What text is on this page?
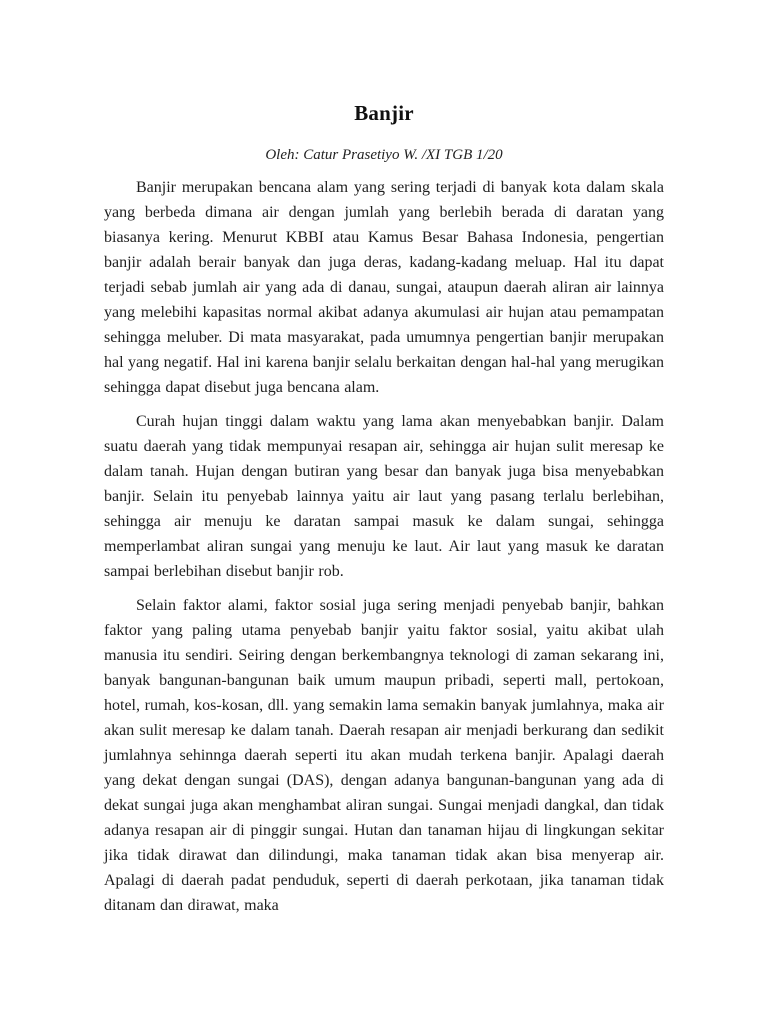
Banjir
Oleh: Catur Prasetiyo W. /XI TGB 1/20

Banjir merupakan bencana alam yang sering terjadi di banyak kota dalam skala yang berbeda dimana air dengan jumlah yang berlebih berada di daratan yang biasanya kering. Menurut KBBI atau Kamus Besar Bahasa Indonesia, pengertian banjir adalah berair banyak dan juga deras, kadang-kadang meluap. Hal itu dapat terjadi sebab jumlah air yang ada di danau, sungai, ataupun daerah aliran air lainnya yang melebihi kapasitas normal akibat adanya akumulasi air hujan atau pemampatan sehingga meluber. Di mata masyarakat, pada umumnya pengertian banjir merupakan hal yang negatif. Hal ini karena banjir selalu berkaitan dengan hal-hal yang merugikan sehingga dapat disebut juga bencana alam.

Curah hujan tinggi dalam waktu yang lama akan menyebabkan banjir. Dalam suatu daerah yang tidak mempunyai resapan air, sehingga air hujan sulit meresap ke dalam tanah. Hujan dengan butiran yang besar dan banyak juga bisa menyebabkan banjir. Selain itu penyebab lainnya yaitu air laut yang pasang terlalu berlebihan, sehingga air menuju ke daratan sampai masuk ke dalam sungai, sehingga memperlambat aliran sungai yang menuju ke laut. Air laut yang masuk ke daratan sampai berlebihan disebut banjir rob.

Selain faktor alami, faktor sosial juga sering menjadi penyebab banjir, bahkan faktor yang paling utama penyebab banjir yaitu faktor sosial, yaitu akibat ulah manusia itu sendiri. Seiring dengan berkembangnya teknologi di zaman sekarang ini, banyak bangunan-bangunan baik umum maupun pribadi, seperti mall, pertokoan, hotel, rumah, kos-kosan, dll. yang semakin lama semakin banyak jumlahnya, maka air akan sulit meresap ke dalam tanah. Daerah resapan air menjadi berkurang dan sedikit jumlahnya sehinnga daerah seperti itu akan mudah terkena banjir. Apalagi daerah yang dekat dengan sungai (DAS), dengan adanya bangunan-bangunan yang ada di dekat sungai juga akan menghambat aliran sungai. Sungai menjadi dangkal, dan tidak adanya resapan air di pinggir sungai. Hutan dan tanaman hijau di lingkungan sekitar jika tidak dirawat dan dilindungi, maka tanaman tidak akan bisa menyerap air. Apalagi di daerah padat penduduk, seperti di daerah perkotaan, jika tanaman tidak ditanam dan dirawat, maka
